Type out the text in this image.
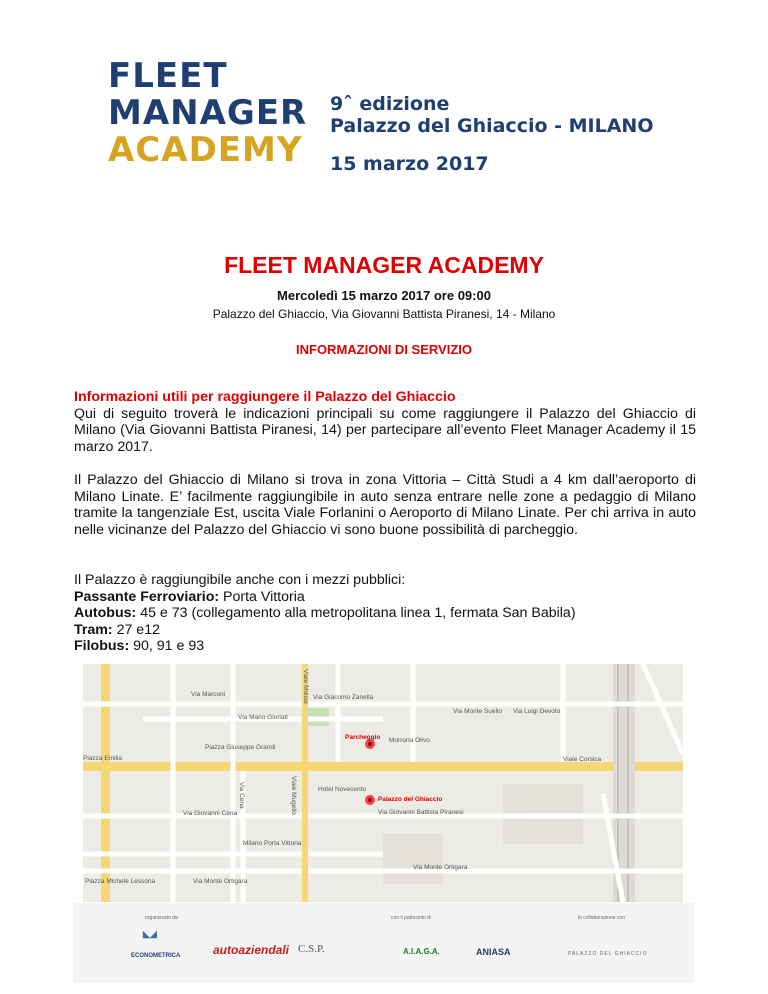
FLEET
MANAGER
ACADEMY
9ˆ edizione
Palazzo del Ghiaccio - MILANO
15 marzo 2017
FLEET MANAGER ACADEMY
Mercoledì 15 marzo 2017 ore 09:00
Palazzo del Ghiaccio, Via Giovanni Battista Piranesi, 14 - Milano
INFORMAZIONI DI SERVIZIO
Informazioni utili per raggiungere il Palazzo del Ghiaccio
Qui di seguito troverà le indicazioni principali su come raggiungere il Palazzo del Ghiaccio di Milano (Via Giovanni Battista Piranesi, 14) per partecipare all’evento Fleet Manager Academy il 15 marzo 2017.
Il Palazzo del Ghiaccio di Milano si trova in zona Vittoria – Città Studi a 4 km dall’aeroporto di Milano Linate. E’ facilmente raggiungibile in auto senza entrare nelle zone a pedaggio di Milano tramite la tangenziale Est, uscita Viale Forlanini o Aeroporto di Milano Linate. Per chi arriva in auto nelle vicinanze del Palazzo del Ghiaccio vi sono buone possibilità di parcheggio.
Il Palazzo è raggiungibile anche con i mezzi pubblici:
Passante Ferroviario: Porta Vittoria
Autobus: 45 e 73 (collegamento alla metropolitana linea 1, fermata San Babila)
Tram: 27 e12
Filobus: 90, 91 e 93
Via Marconi
Via Mario Giuriati
Via Giacomo Zanella
Via Monte Suello Via Luigi Devoto
Parcheggio Morrona Olivo
Piazza Emilia
Piazza Giuseppe Grandi
Viale Corsica
Hotel Novecento
Palazzo del Ghiaccio
Via Giovanni Battista Piranesi
Via Giovanni Cena
Milano Porta Vittoria
Via Monte Ortigara
Via Monte Ortigara
Piazza Michele Lessona
Viale Molise
Viale Mugello
Via Cena
organizzato da	con il patrocinio di	in collaborazione con
◣◢
ECONOMETRICA	autoaziendali C.S.P.	A.I.A.G.A.	ANIASA	PALAZZO DEL GHIACCIO
